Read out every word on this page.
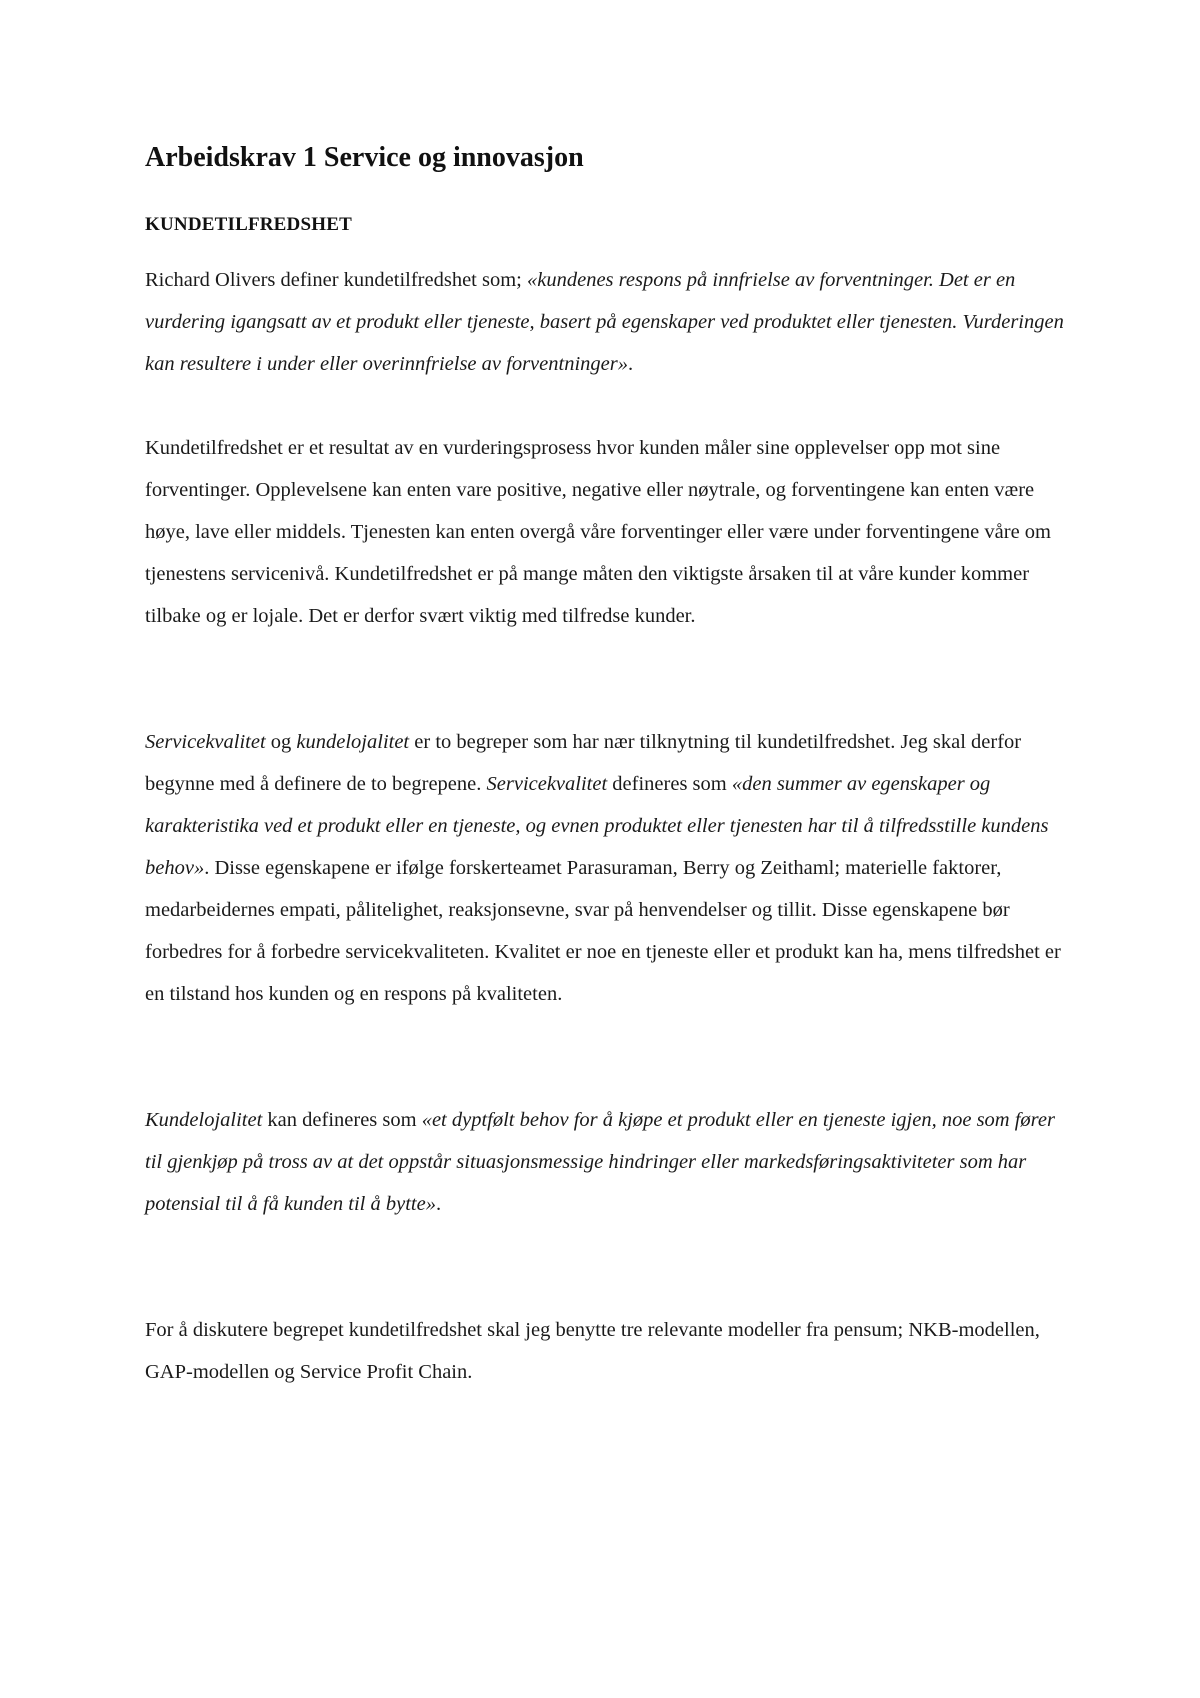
Arbeidskrav 1 Service og innovasjon
KUNDETILFREDSHET

Richard Olivers definer kundetilfredshet som; «kundenes respons på innfrielse av forventninger. Det er en vurdering igangsatt av et produkt eller tjeneste, basert på egenskaper ved produktet eller tjenesten. Vurderingen kan resultere i under eller overinnfrielse av forventninger».

Kundetilfredshet er et resultat av en vurderingsprosess hvor kunden måler sine opplevelser opp mot sine forventinger. Opplevelsene kan enten vare positive, negative eller nøytrale, og forventingene kan enten være høye, lave eller middels. Tjenesten kan enten overgå våre forventinger eller være under forventingene våre om tjenestens servicenivå. Kundetilfredshet er på mange måten den viktigste årsaken til at våre kunder kommer tilbake og er lojale. Det er derfor svært viktig med tilfredse kunder.

Servicekvalitet og kundelojalitet er to begreper som har nær tilknytning til kundetilfredshet. Jeg skal derfor begynne med å definere de to begrepene. Servicekvalitet defineres som «den summer av egenskaper og karakteristika ved et produkt eller en tjeneste, og evnen produktet eller tjenesten har til å tilfredsstille kundens behov». Disse egenskapene er ifølge forskerteamet Parasuraman, Berry og Zeithaml; materielle faktorer, medarbeidernes empati, pålitelighet, reaksjonsevne, svar på henvendelser og tillit. Disse egenskapene bør forbedres for å forbedre servicekvaliteten. Kvalitet er noe en tjeneste eller et produkt kan ha, mens tilfredshet er en tilstand hos kunden og en respons på kvaliteten.

Kundelojalitet kan defineres som «et dyptfølt behov for å kjøpe et produkt eller en tjeneste igjen, noe som fører til gjenkjøp på tross av at det oppstår situasjonsmessige hindringer eller markedsføringsaktiviteter som har potensial til å få kunden til å bytte».

For å diskutere begrepet kundetilfredshet skal jeg benytte tre relevante modeller fra pensum; NKB-modellen, GAP-modellen og Service Profit Chain.
